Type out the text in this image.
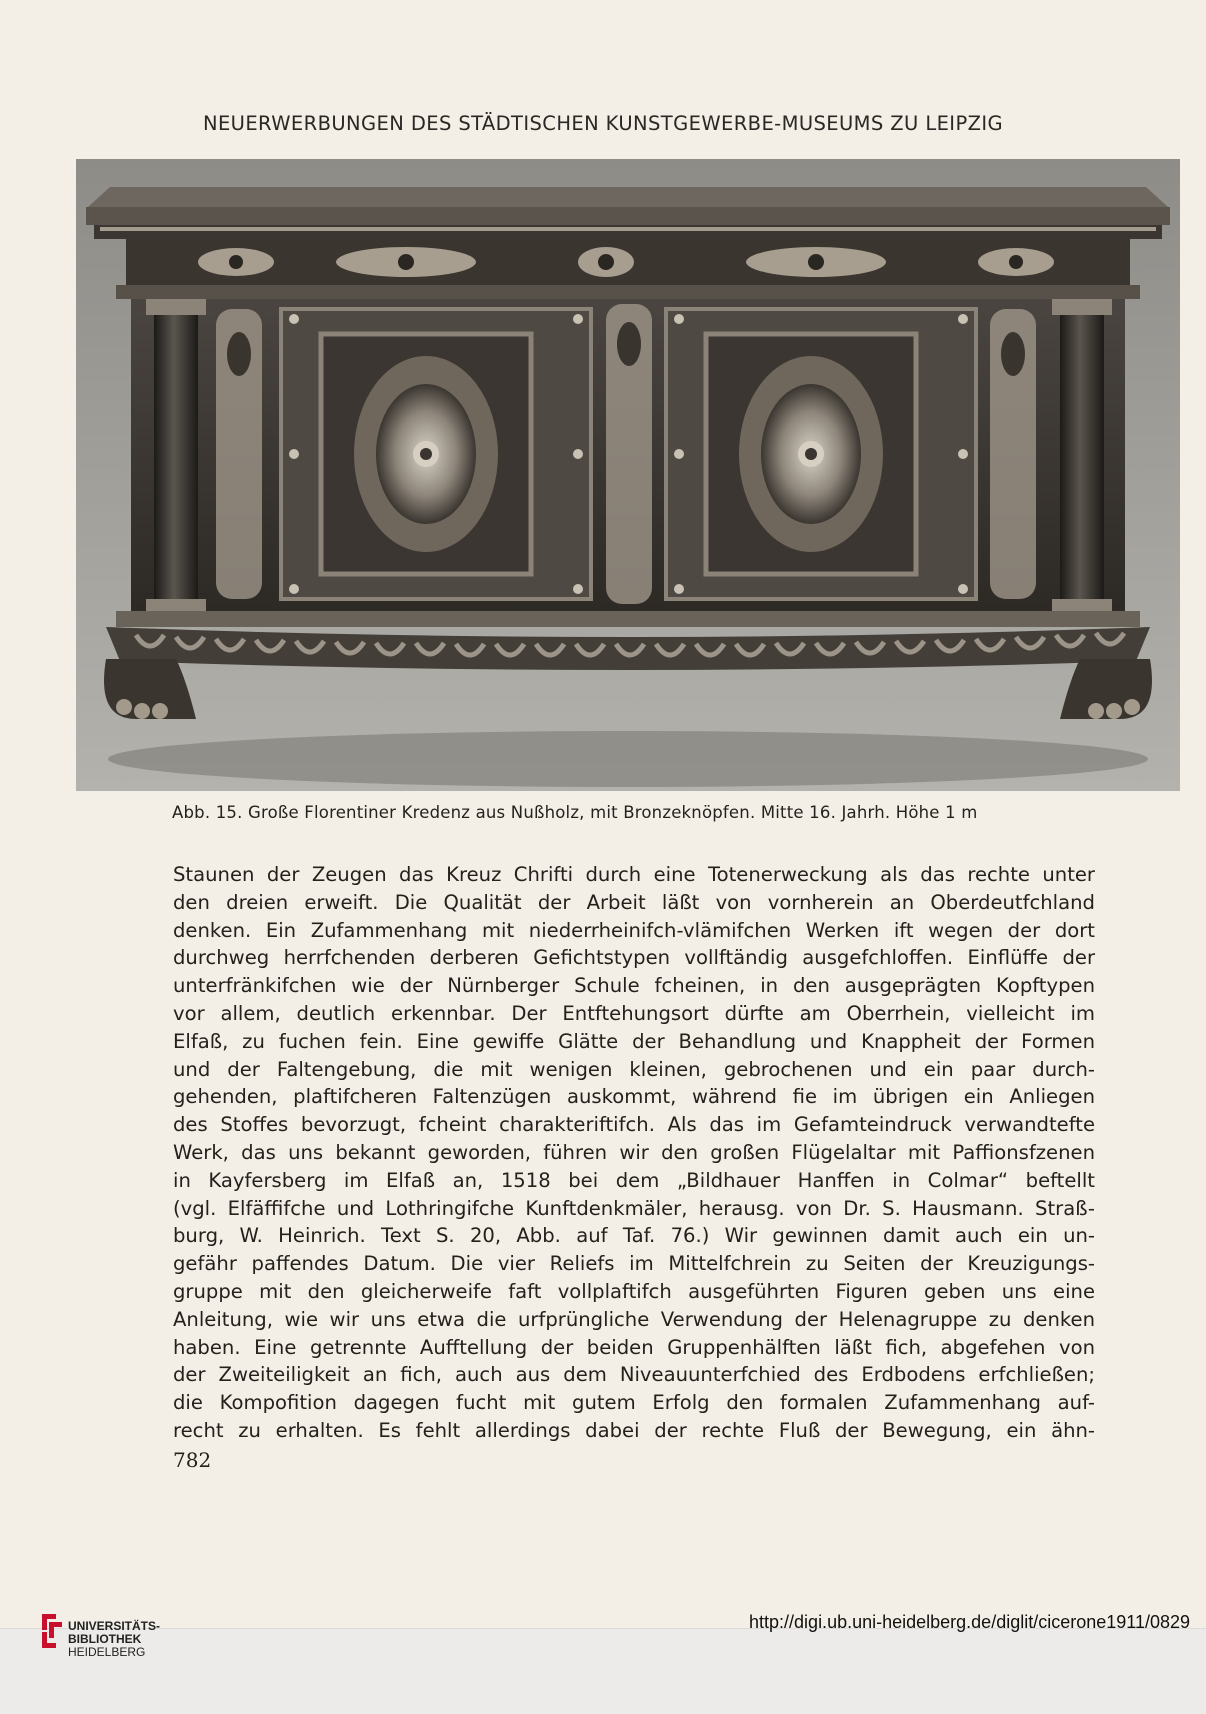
NEUERWERBUNGEN DES STÄDTISCHEN KUNSTGEWERBE-MUSEUMS ZU LEIPZIG
Abb. 15. Große Florentiner Kredenz aus Nußholz, mit Bronzeknöpfen. Mitte 16. Jahrh. Höhe 1 m
Staunen der Zeugen das Kreuz Chrifti durch eine Totenerweckung als das rechte unter
den dreien erweift. Die Qualität der Arbeit läßt von vornherein an Oberdeutfchland
denken. Ein Zufammenhang mit niederrheinifch-vlämifchen Werken ift wegen der dort
durchweg herrfchenden derberen Gefichtstypen vollftändig ausgefchloffen. Einflüffe der
unterfränkifchen wie der Nürnberger Schule fcheinen, in den ausgeprägten Kopftypen
vor allem, deutlich erkennbar. Der Entftehungsort dürfte am Oberrhein, vielleicht im
Elfaß, zu fuchen fein. Eine gewiffe Glätte der Behandlung und Knappheit der Formen
und der Faltengebung, die mit wenigen kleinen, gebrochenen und ein paar durch-
gehenden, plaftifcheren Faltenzügen auskommt, während fie im übrigen ein Anliegen
des Stoffes bevorzugt, fcheint charakteriftifch. Als das im Gefamteindruck verwandtefte
Werk, das uns bekannt geworden, führen wir den großen Flügelaltar mit Paffionsfzenen
in Kayfersberg im Elfaß an, 1518 bei dem „Bildhauer Hanffen in Colmar“ beftellt
(vgl. Elfäffifche und Lothringifche Kunftdenkmäler, herausg. von Dr. S. Hausmann. Straß-
burg, W. Heinrich. Text S. 20, Abb. auf Taf. 76.) Wir gewinnen damit auch ein un-
gefähr paffendes Datum. Die vier Reliefs im Mittelfchrein zu Seiten der Kreuzigungs-
gruppe mit den gleicherweife faft vollplaftifch ausgeführten Figuren geben uns eine
Anleitung, wie wir uns etwa die urfprüngliche Verwendung der Helenagruppe zu denken
haben. Eine getrennte Aufftellung der beiden Gruppenhälften läßt fich, abgefehen von
der Zweiteiligkeit an fich, auch aus dem Niveauunterfchied des Erdbodens erfchließen;
die Kompofition dagegen fucht mit gutem Erfolg den formalen Zufammenhang auf-
recht zu erhalten. Es fehlt allerdings dabei der rechte Fluß der Bewegung, ein ähn-
782
UNIVERSITÄTS-
BIBLIOTHEK
HEIDELBERG
http://digi.ub.uni-heidelberg.de/diglit/cicerone1911/0829
